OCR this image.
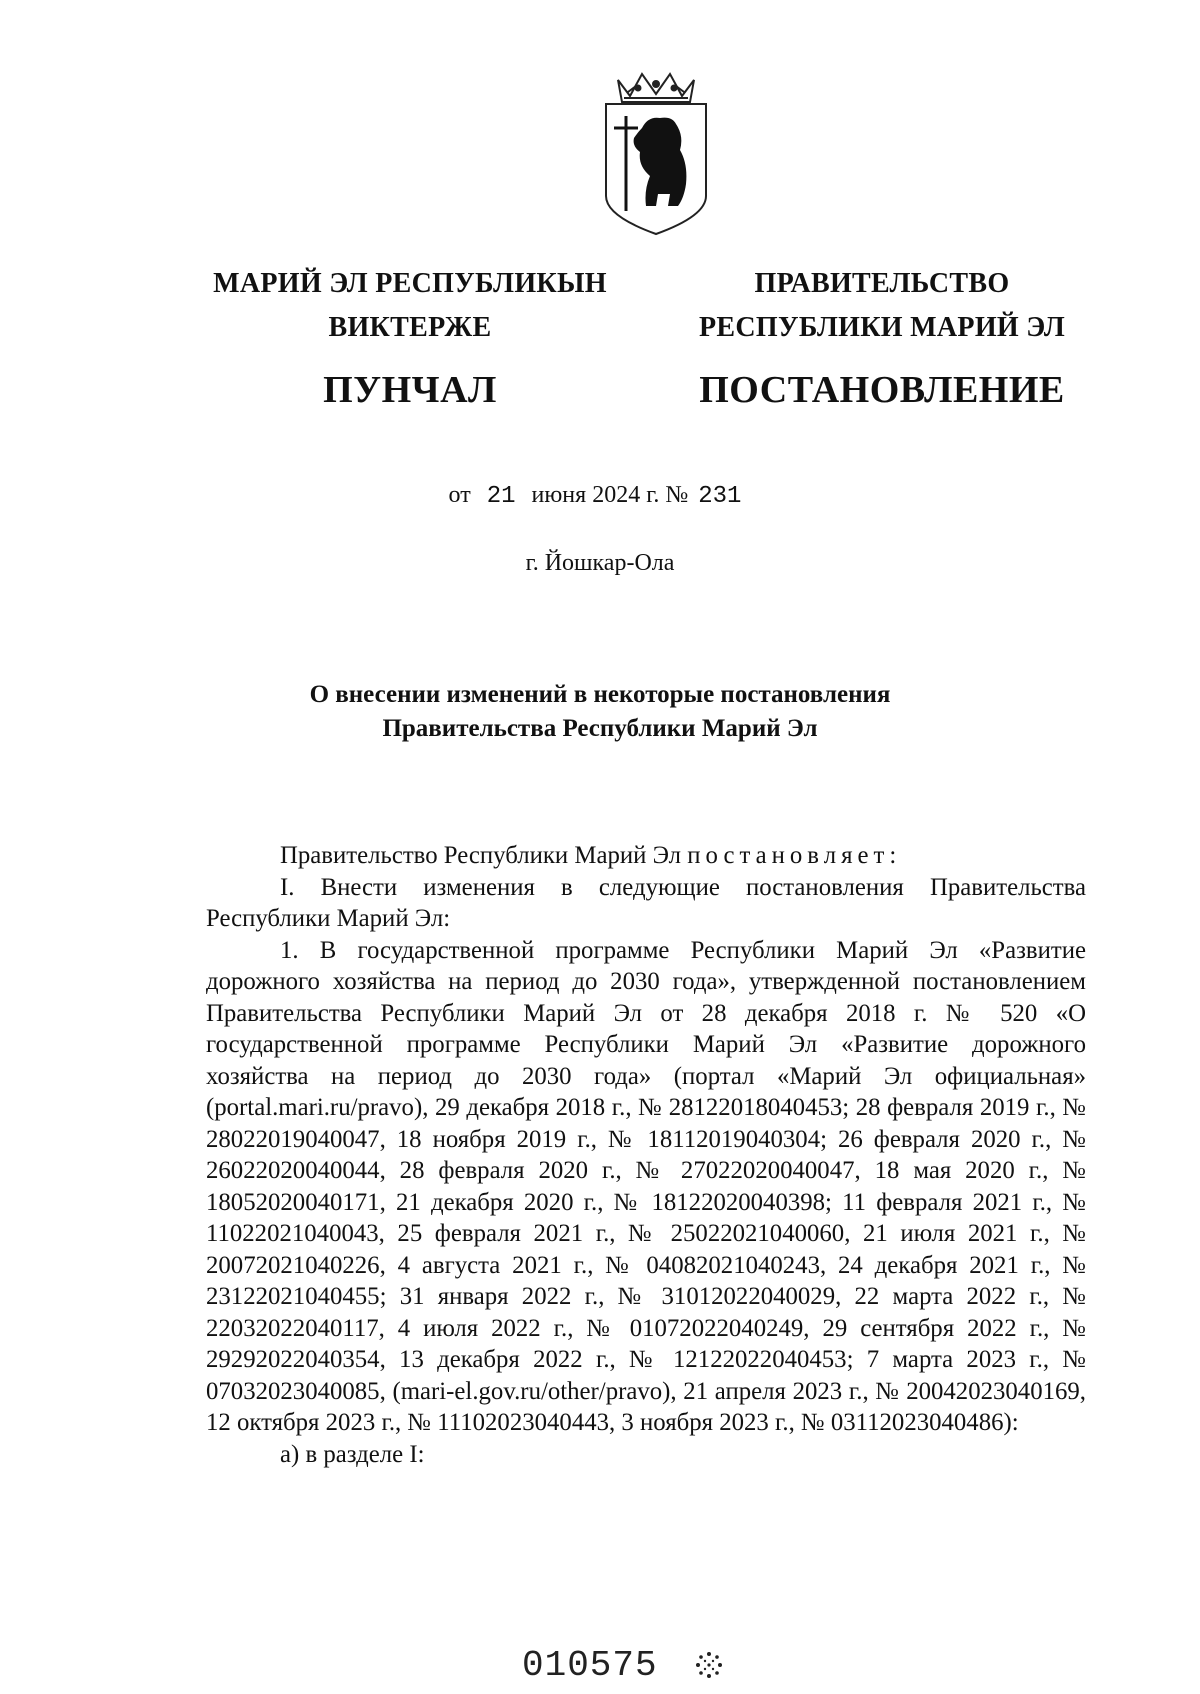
МАРИЙ ЭЛ РЕСПУБЛИКЫН
ВИКТЕРЖЕ
ПУНЧАЛ
ПРАВИТЕЛЬСТВО
РЕСПУБЛИКИ МАРИЙ ЭЛ
ПОСТАНОВЛЕНИЕ
от 21 июня 2024 г. № 231
г. Йошкар-Ола
О внесении изменений в некоторые постановления
Правительства Республики Марий Эл

Правительство Республики Марий Эл постановляет:

I. Внести изменения в следующие постановления Правительства Республики Марий Эл:

1. В государственной программе Республики Марий Эл «Развитие дорожного хозяйства на период до 2030 года», утвержденной постановлением Правительства Республики Марий Эл от 28 декабря 2018 г. № 520 «О государственной программе Республики Марий Эл «Развитие дорожного хозяйства на период до 2030 года» (портал «Марий Эл официальная» (portal.mari.ru/pravo), 29 декабря 2018 г., № 28122018040453; 28 февраля 2019 г., № 28022019040047, 18 ноября 2019 г., № 18112019040304; 26 февраля 2020 г., № 26022020040044, 28 февраля 2020 г., № 27022020040047, 18 мая 2020 г., № 18052020040171, 21 декабря 2020 г., № 18122020040398; 11 февраля 2021 г., № 11022021040043, 25 февраля 2021 г., № 25022021040060, 21 июля 2021 г., № 20072021040226, 4 августа 2021 г., № 04082021040243, 24 декабря 2021 г., № 23122021040455; 31 января 2022 г., № 31012022040029, 22 марта 2022 г., № 22032022040117, 4 июля 2022 г., № 01072022040249, 29 сентября 2022 г., № 29292022040354, 13 декабря 2022 г., № 12122022040453; 7 марта 2023 г., № 07032023040085, (mari-el.gov.ru/other/pravo), 21 апреля 2023 г., № 20042023040169, 12 октября 2023 г., № 11102023040443, 3 ноября 2023 г., № 03112023040486):

а) в разделе I:

010575
